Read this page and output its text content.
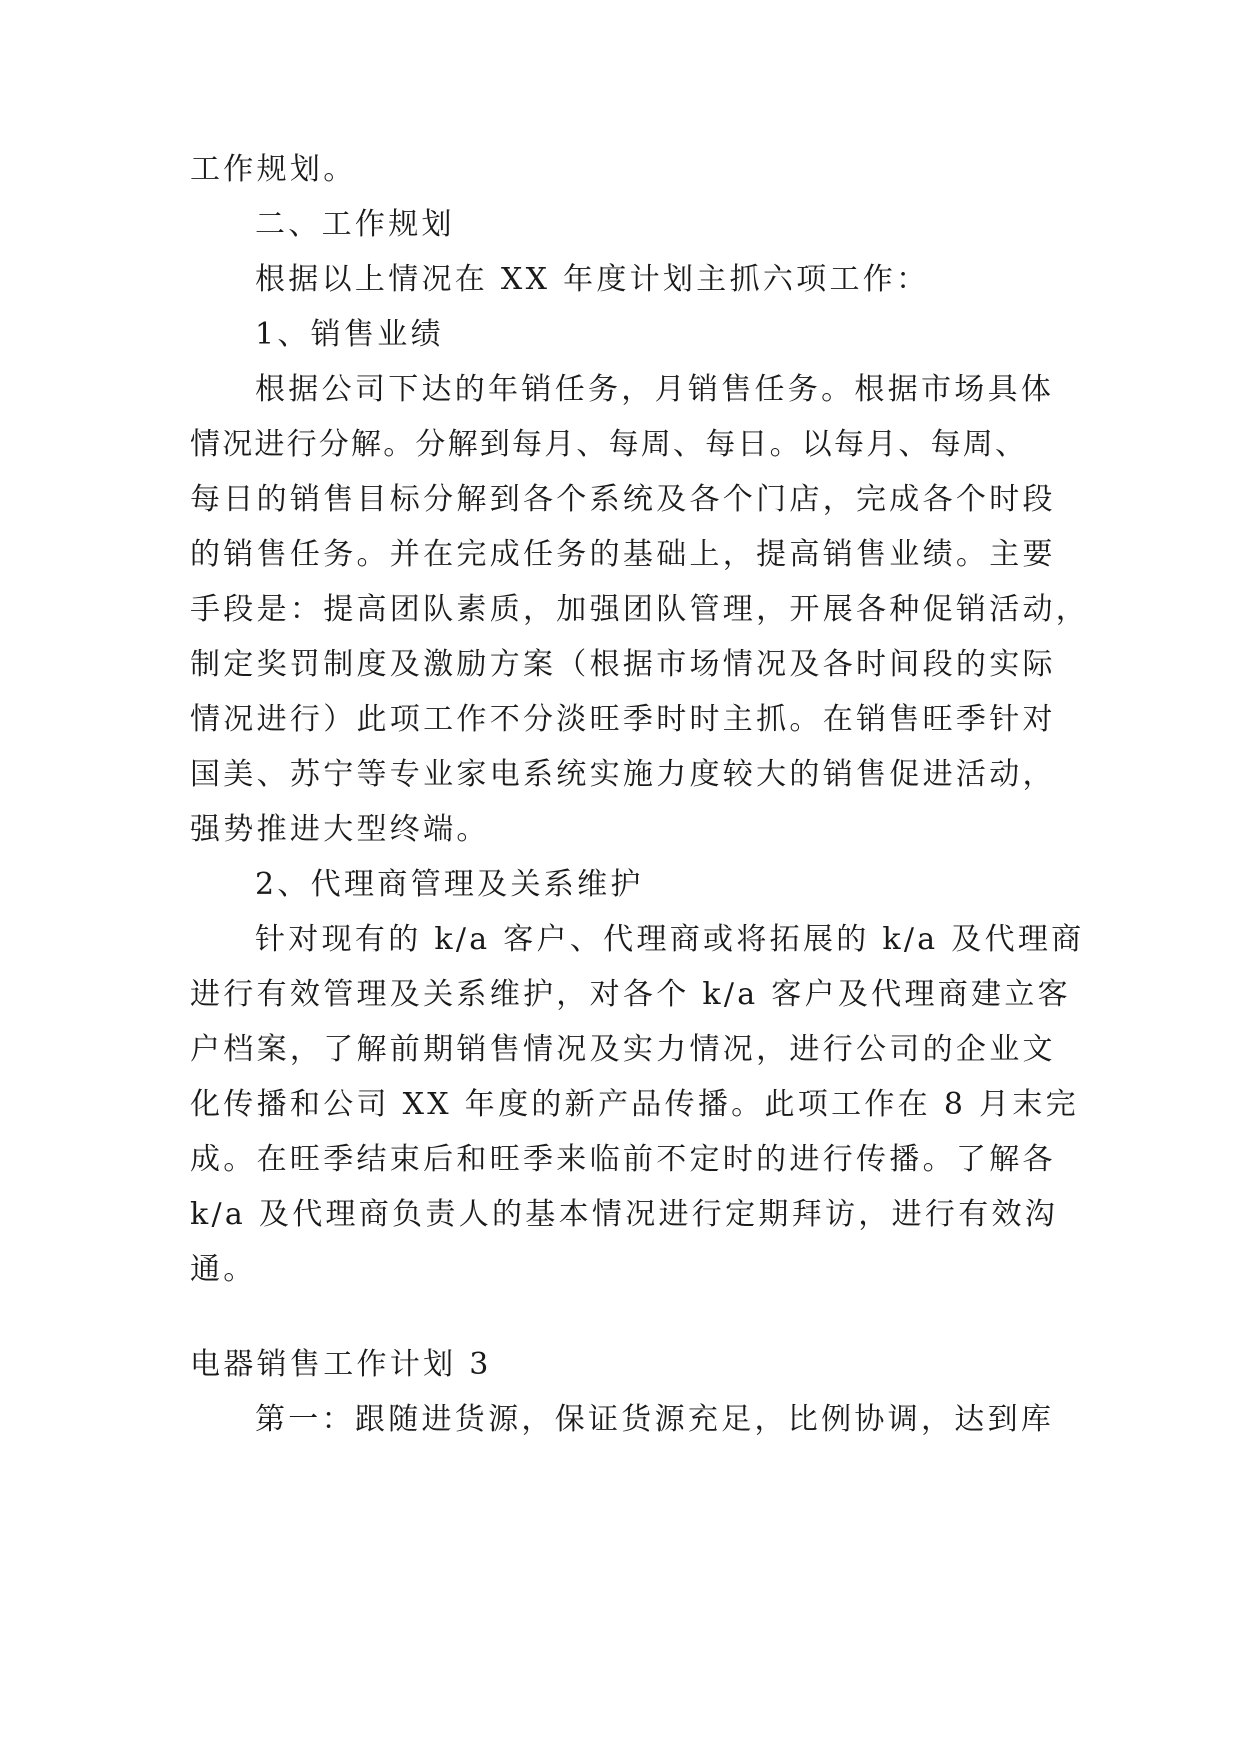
工作规划。
二、工作规划
根据以上情况在 XX 年度计划主抓六项工作：
1、销售业绩
根据公司下达的年销任务，月销售任务。根据市场具体
情况进行分解。分解到每月、每周、每日。以每月、每周、
每日的销售目标分解到各个系统及各个门店，完成各个时段
的销售任务。并在完成任务的基础上，提高销售业绩。主要
手段是：提高团队素质，加强团队管理，开展各种促销活动，
制定奖罚制度及激励方案（根据市场情况及各时间段的实际
情况进行）此项工作不分淡旺季时时主抓。在销售旺季针对
国美、苏宁等专业家电系统实施力度较大的销售促进活动，
强势推进大型终端。
2、代理商管理及关系维护
针对现有的 k/a 客户、代理商或将拓展的 k/a 及代理商
进行有效管理及关系维护，对各个 k/a 客户及代理商建立客
户档案，了解前期销售情况及实力情况，进行公司的企业文
化传播和公司 XX 年度的新产品传播。此项工作在 8 月末完
成。在旺季结束后和旺季来临前不定时的进行传播。了解各
k/a 及代理商负责人的基本情况进行定期拜访，进行有效沟
通。
电器销售工作计划 3
第一：跟随进货源，保证货源充足，比例协调，达到库
